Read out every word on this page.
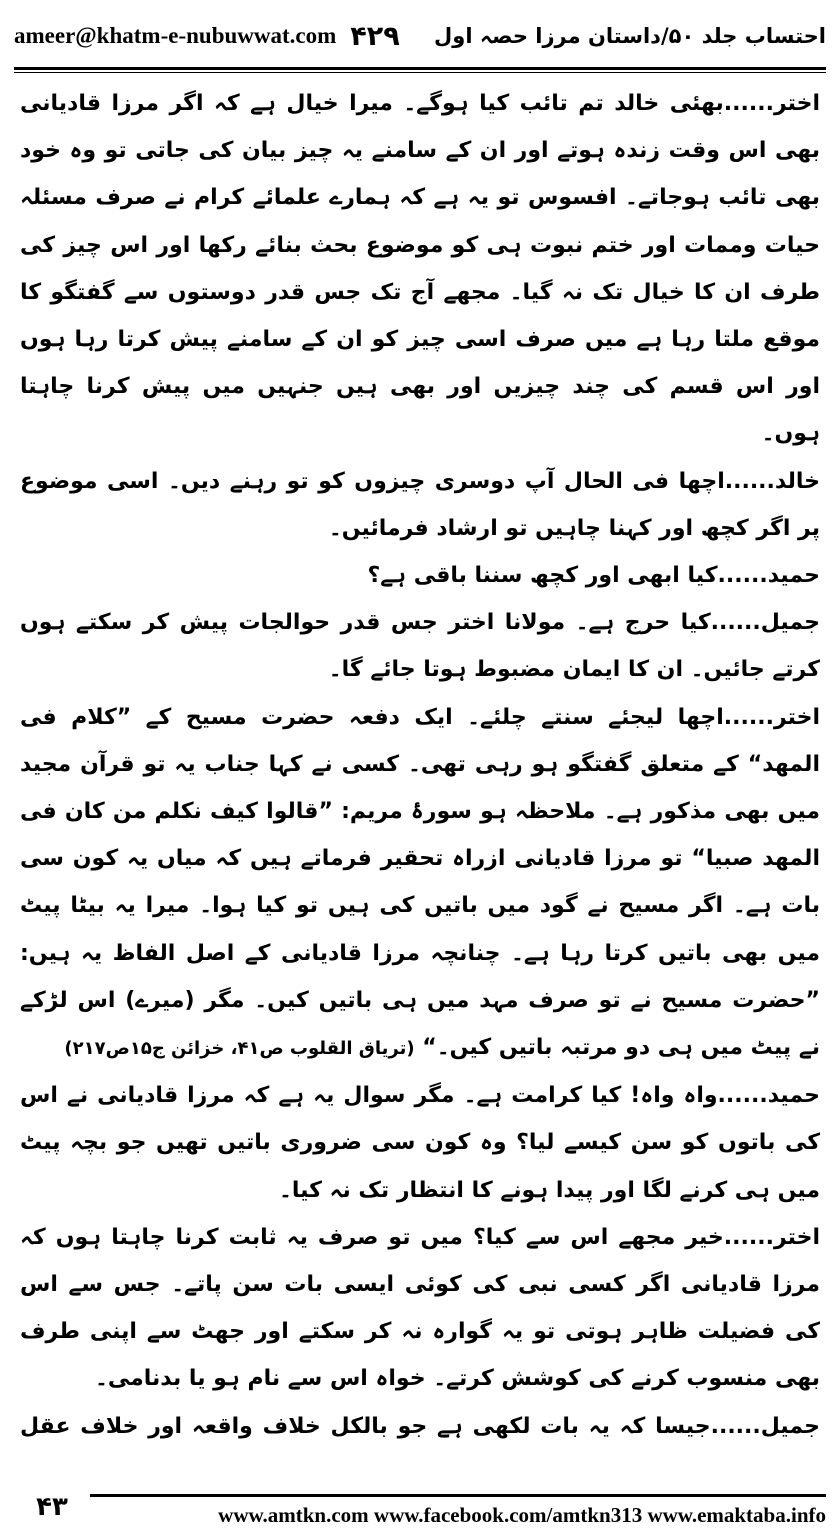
ameer@khatm-e-nubuwwat.com ۴۲۹ احتساب جلد ۵۰/داستان مرزا حصہ اول

اختر......بھئی خالد تم تائب کیا ہوگے۔ میرا خیال ہے کہ اگر مرزا قادیانی بھی اس وقت زندہ ہوتے اور ان کے سامنے یہ چیز بیان کی جاتی تو وہ خود بھی تائب ہوجاتے۔ افسوس تو یہ ہے کہ ہمارے علمائے کرام نے صرف مسئلہ حیات وممات اور ختم نبوت ہی کو موضوع بحث بنائے رکھا اور اس چیز کی طرف ان کا خیال تک نہ گیا۔ مجھے آج تک جس قدر دوستوں سے گفتگو کا موقع ملتا رہا ہے میں صرف اسی چیز کو ان کے سامنے پیش کرتا رہا ہوں اور اس قسم کی چند چیزیں اور بھی ہیں جنہیں میں پیش کرنا چاہتا ہوں۔

خالد......اچھا فی الحال آپ دوسری چیزوں کو تو رہنے دیں۔ اسی موضوع پر اگر کچھ اور کہنا چاہیں تو ارشاد فرمائیں۔

حمید......کیا ابھی اور کچھ سننا باقی ہے؟

جمیل......کیا حرج ہے۔ مولانا اختر جس قدر حوالجات پیش کر سکتے ہوں کرتے جائیں۔ ان کا ایمان مضبوط ہوتا جائے گا۔

اختر......اچھا لیجئے سنتے چلئے۔ ایک دفعہ حضرت مسیح کے ”کلام فی المھد“ کے متعلق گفتگو ہو رہی تھی۔ کسی نے کہا جناب یہ تو قرآن مجید میں بھی مذکور ہے۔ ملاحظہ ہو سورۂ مریم: ”قالوا کیف نکلم من کان فی المھد صبیا“ تو مرزا قادیانی ازراہ تحقیر فرماتے ہیں کہ میاں یہ کون سی بات ہے۔ اگر مسیح نے گود میں باتیں کی ہیں تو کیا ہوا۔ میرا یہ بیٹا پیٹ میں بھی باتیں کرتا رہا ہے۔ چنانچہ مرزا قادیانی کے اصل الفاظ یہ ہیں: ”حضرت مسیح نے تو صرف مہد میں ہی باتیں کیں۔ مگر (میرے) اس لڑکے نے پیٹ میں ہی دو مرتبہ باتیں کیں۔“ (تریاق القلوب ص۴۱، خزائن ج۱۵ص۲۱۷)

حمید......واہ واہ! کیا کرامت ہے۔ مگر سوال یہ ہے کہ مرزا قادیانی نے اس کی باتوں کو سن کیسے لیا؟ وہ کون سی ضروری باتیں تھیں جو بچہ پیٹ میں ہی کرنے لگا اور پیدا ہونے کا انتظار تک نہ کیا۔

اختر......خیر مجھے اس سے کیا؟ میں تو صرف یہ ثابت کرنا چاہتا ہوں کہ مرزا قادیانی اگر کسی نبی کی کوئی ایسی بات سن پاتے۔ جس سے اس کی فضیلت ظاہر ہوتی تو یہ گوارہ نہ کر سکتے اور جھٹ سے اپنی طرف بھی منسوب کرنے کی کوشش کرتے۔ خواہ اس سے نام ہو یا بدنامی۔

جمیل......جیسا کہ یہ بات لکھی ہے جو بالکل خلاف واقعہ اور خلاف عقل

۴۳	www.amtkn.com www.facebook.com/amtkn313 www.emaktaba.info
